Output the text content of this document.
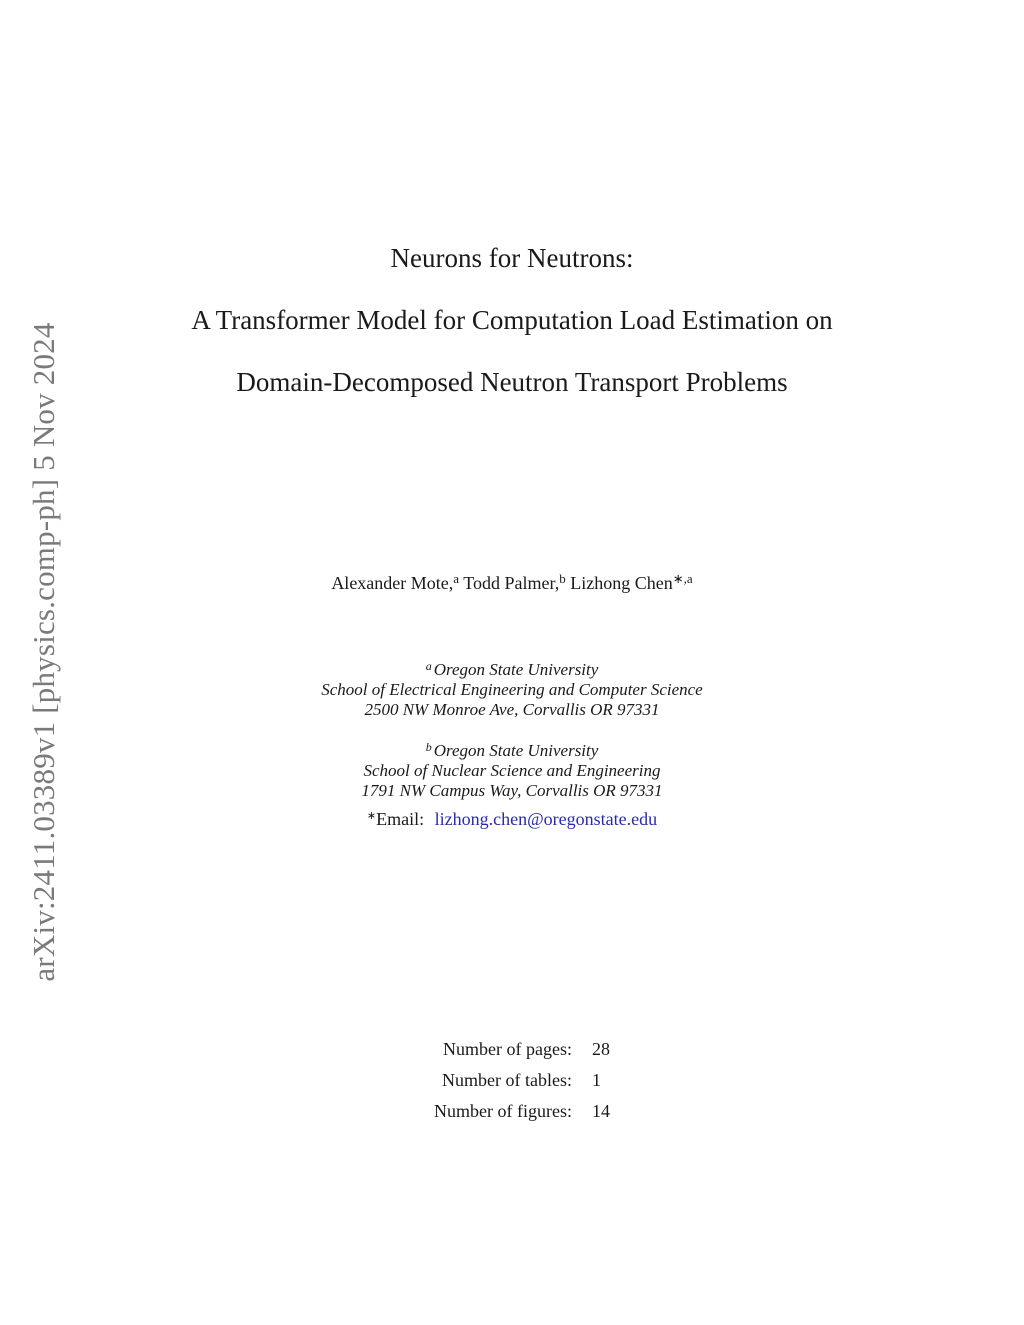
arXiv:2411.03389v1 [physics.comp-ph] 5 Nov 2024
Neurons for Neutrons:
A Transformer Model for Computation Load Estimation on
Domain-Decomposed Neutron Transport Problems
Alexander Mote,$^a$ Todd Palmer,$^b$ Lizhong Chen$^{∗,a}$
$^a$ Oregon State University
School of Electrical Engineering and Computer Science
2500 NW Monroe Ave, Corvallis OR 97331
$^b$ Oregon State University
School of Nuclear Science and Engineering
1791 NW Campus Way, Corvallis OR 97331
∗Email: lizhong.chen@oregonstate.edu
Number of pages:	28
Number of tables:	1
Number of figures:	14
